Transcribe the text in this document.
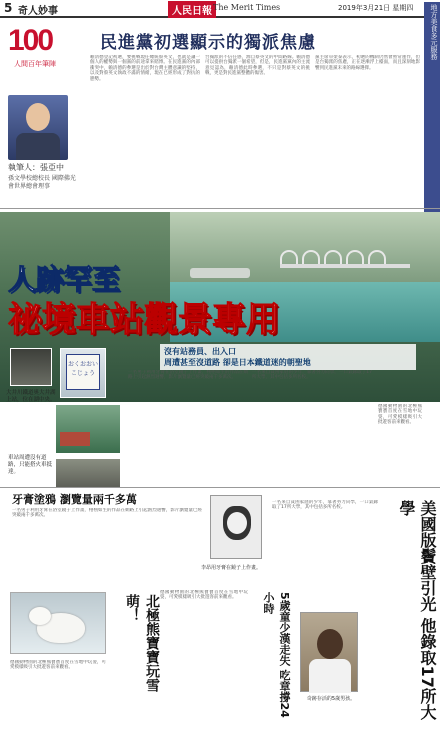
5 奇人妙事	人民日報 The Merit Times	2019年3月21日 星期四	地方美食多元服務
100
人間百年筆陣
民進黨初選顯示的獨派焦慮
賴清德登記初選，要挑戰現任總統蔡英文，也就是讓一個人的權勢與一個黨的前途拿來賭博。在民進黨的內部衝突中，賴清德的參選是出於對台灣主體意識的堅持，以及對蔡英文執政不滿的情緒，現在已經形成了對抗的態勢。
台獨派的不信任感，源自蔡英文的中間路線。賴清德可以提供台獨派一個希望，但是，民進黨黨內的主流意見認為，賴清德此時參選，不只是對蔡英文的挑戰，更是對民進黨整體的傷害。
黨主席卓榮泰表示，初選的機制仍然會照常運作，但是台獨派的焦慮，正在逐漸浮上檯面，而且深刻地影響到民進黨未來的路線選擇。
執筆人：張亞中
孫文學校總校長 國際佛光會世界總會理事
人跡罕至
祕境車站觀景專用
沒有站務員、出入口
周遭甚至沒道路 卻是日本鐵道迷的朝聖地
おくおおい
こじょう
大井川鐵道奧大井湖上站，位在湖中央。
車站周遭沒有道路，只能搭火車抵達。
一名男子利用牙膏在浴室鏡子上作畫，栩栩如生的作品在網路上引起熱烈迴響，影片瀏覽量已經突破兩千多萬次。
一名來自貧困家庭的少年，靠著努力向學，一口氣錄取了17所大學，其中包括多所名校。
德國動物園的北極熊寶寶首度在雪地中玩耍，可愛模樣吸引大批遊客前來觀看。
牙膏塗鴉 瀏覽量兩千多萬
一名男子利用牙膏在浴室鏡子上作畫，栩栩如生的作品在網路上引起熱烈迴響，影片瀏覽量已經突破兩千多萬次。
李昂用牙膏在鏡子上作畫。
北極熊寶寶玩雪萌！
德國動物園的北極熊寶寶首度在雪地中玩耍，可愛模樣吸引大批遊客前來觀看。
德國動物園的北極熊寶寶首度在雪地中玩耍，可愛模樣吸引大批遊客前來觀看。	5歲童少漢走失 吃章撐24小時
奇跡存活的5歲男孩。
一名來自貧困家庭的少年，靠著努力向學，一口氣錄取了17所大學，其中包括多所名校。	美國版鬢壁引光 他錄取17所大學
